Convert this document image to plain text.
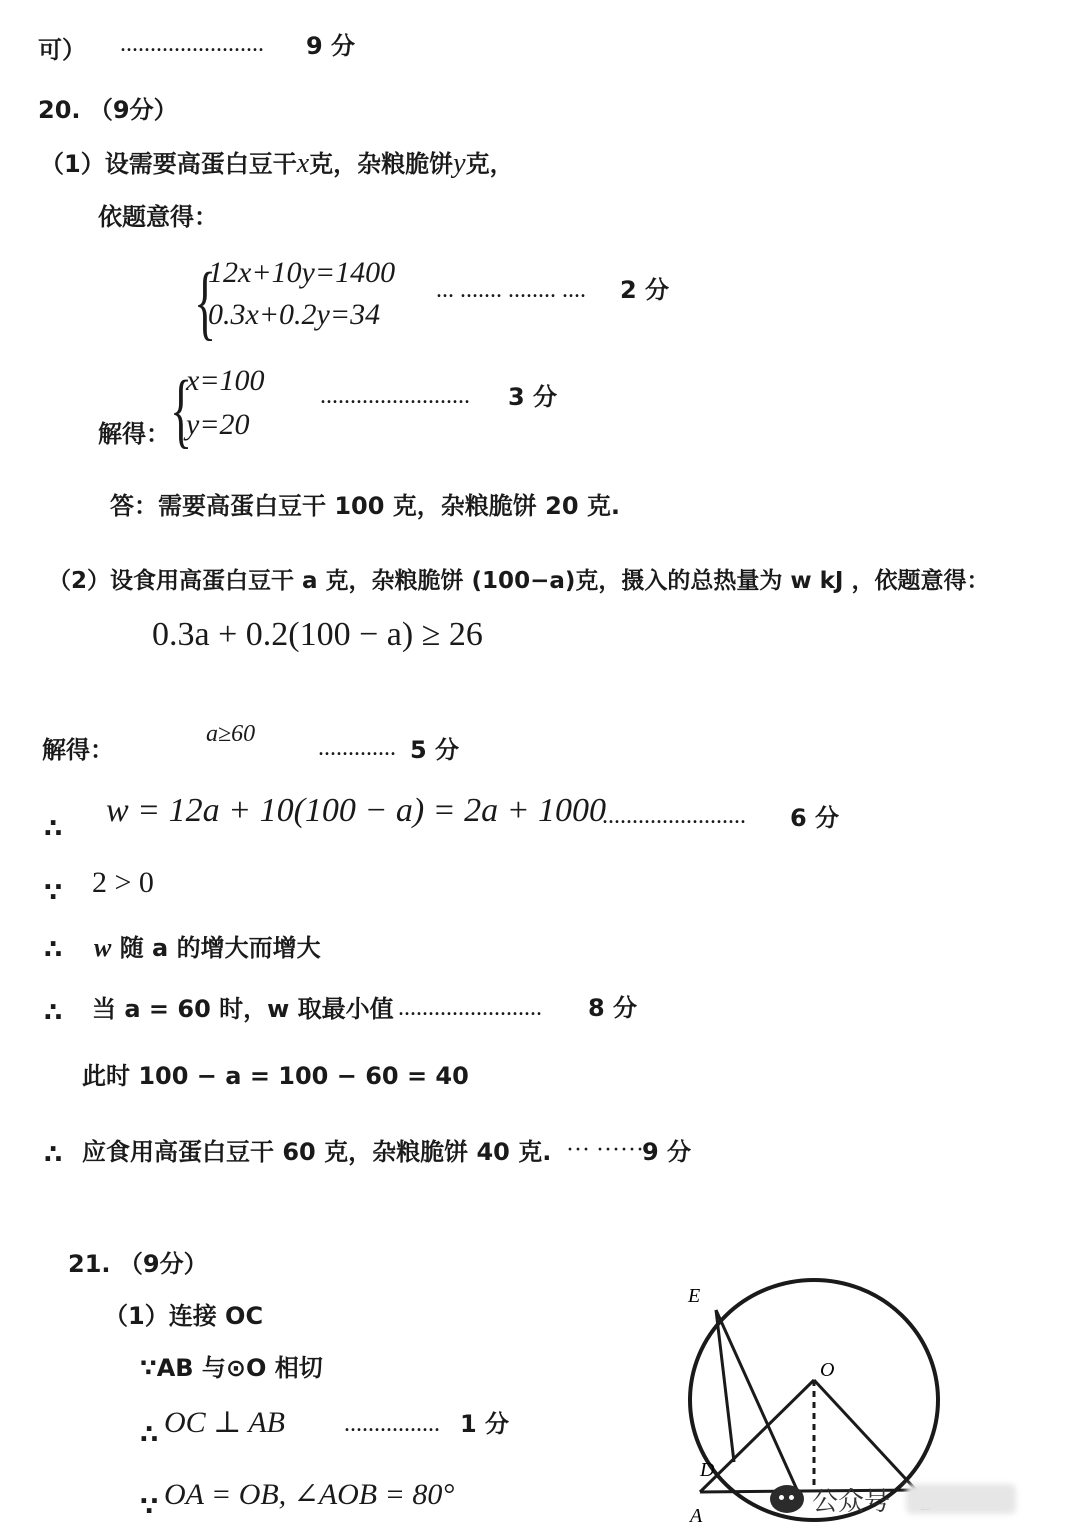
可） ........................ 9 分
20. （9分）
（1）设需要高蛋白豆干x克，杂粮脆饼y克，
依题意得：
{
12x+10y=1400
0.3x+0.2y=34
... ....... ........ .... 2 分
解得： {
x=100
y=20
......................... 3 分
答：需要高蛋白豆干 100 克，杂粮脆饼 20 克.
（2）设食用高蛋白豆干 a 克，杂粮脆饼 (100−a)克，摄入的总热量为 w kJ ，依题意得：
0.3a + 0.2(100 − a) ≥ 26
解得：
a≥60
............. 5 分
∴ w = 12a + 10(100 − a) = 2a + 1000
........................ 6 分
∵ 2 > 0
∴ w 随 a 的增大而增大
∴ 当 a = 60 时，w 取最小值 ........................ 8 分
此时 100 − a = 100 − 60 = 40
∴ 应食用高蛋白豆干 60 克，杂粮脆饼 40 克. ··· ······
9 分
21. （9分）
（1）连接 OC
∵AB 与⊙O 相切
∴ OC ⊥ AB ................ 1 分
∵ OA = OB, ∠AOB = 80°
E
O
D
A	公众号
